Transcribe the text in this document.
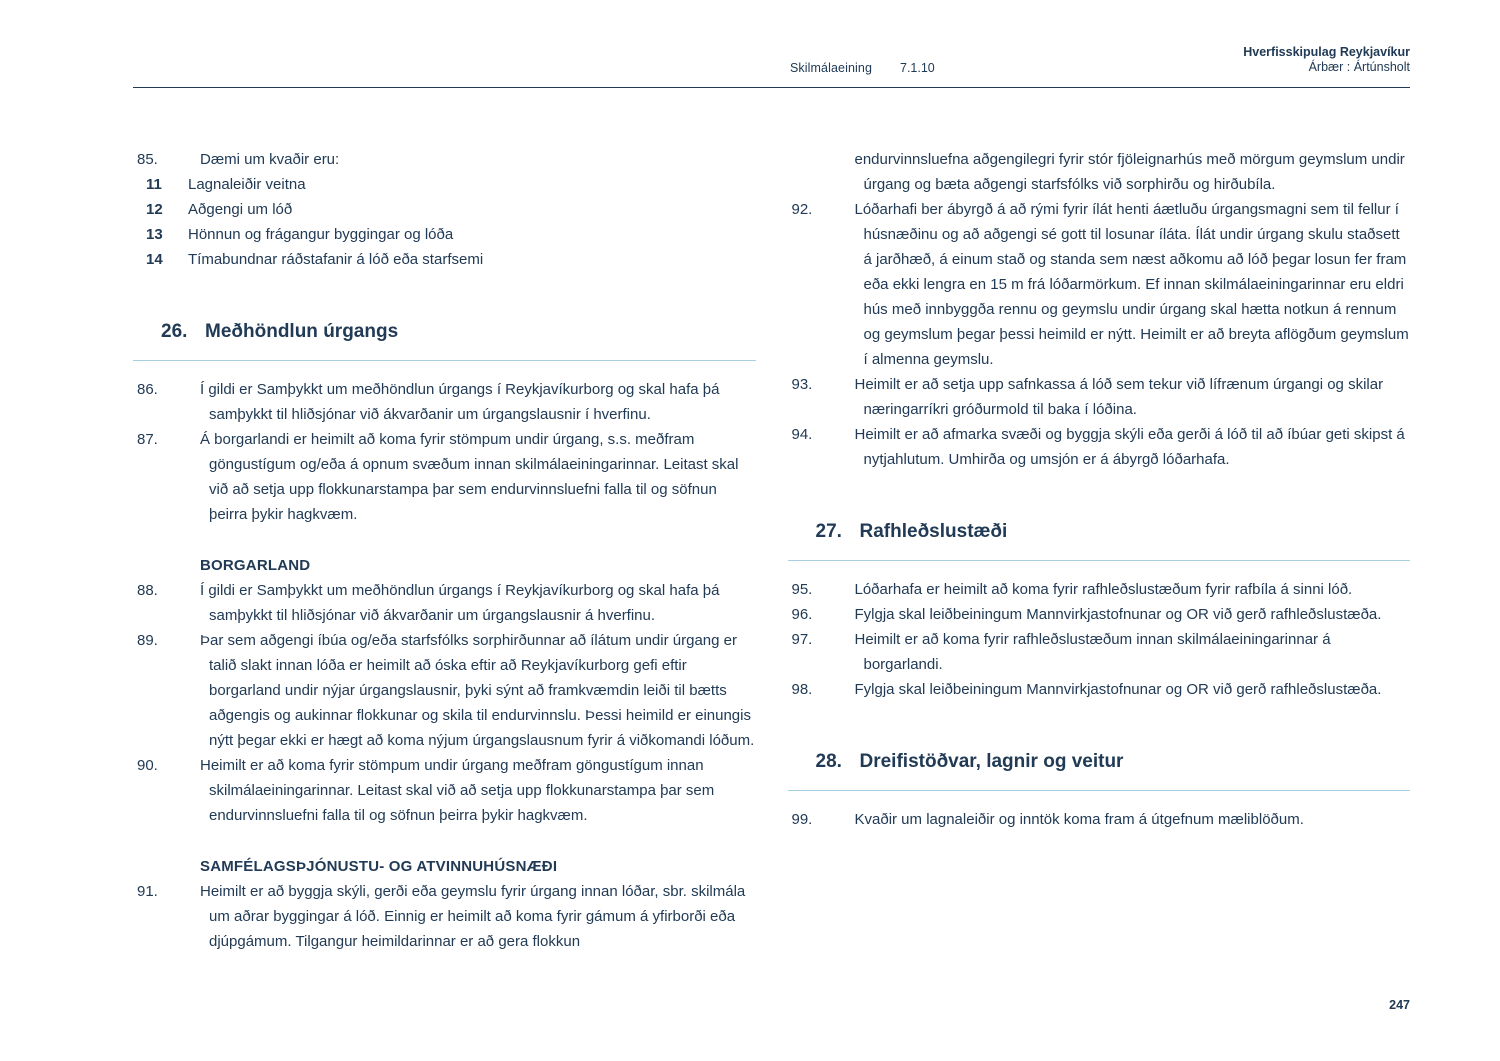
Skilmálaeining 7.1.10
Hverfisskipulag Reykjavíkur
Árbær : Ártúnsholt
85.	Dæmi um kvaðir eru:
11	Lagnaleiðir veitna
12	Aðgengi um lóð
13	Hönnun og frágangur byggingar og lóða
14	Tímabundnar ráðstafanir á lóð eða starfsemi
26. Meðhöndlun úrgangs
86.	Í gildi er Samþykkt um meðhöndlun úrgangs í Reykjavíkurborg og skal hafa þá samþykkt til hliðsjónar við ákvarðanir um úrgangslausnir í hverfinu.
87.	Á borgarlandi er heimilt að koma fyrir stömpum undir úrgang, s.s. meðfram göngustígum og/eða á opnum svæðum innan skilmálaeiningarinnar. Leitast skal við að setja upp flokkunarstampa þar sem endurvinnsluefni falla til og söfnun þeirra þykir hagkvæm.
BORGARLAND
88.	Í gildi er Samþykkt um meðhöndlun úrgangs í Reykjavíkurborg og skal hafa þá samþykkt til hliðsjónar við ákvarðanir um úrgangslausnir á hverfinu.
89.	Þar sem aðgengi íbúa og/eða starfsfólks sorphirðunnar að ílátum undir úrgang er talið slakt innan lóða er heimilt að óska eftir að Reykjavíkurborg gefi eftir borgarland undir nýjar úrgangslausnir, þyki sýnt að framkvæmdin leiði til bætts aðgengis og aukinnar flokkunar og skila til endurvinnslu. Þessi heimild er einungis nýtt þegar ekki er hægt að koma nýjum úrgangslausnum fyrir á viðkomandi lóðum.
90.	Heimilt er að koma fyrir stömpum undir úrgang meðfram göngustígum innan skilmálaeiningarinnar. Leitast skal við að setja upp flokkunarstampa þar sem endurvinnsluefni falla til og söfnun þeirra þykir hagkvæm.
SAMFÉLAGSÞJÓNUSTU- OG ATVINNUHÚSNÆÐI
91.	Heimilt er að byggja skýli, gerði eða geymslu fyrir úrgang innan lóðar, sbr. skilmála um aðrar byggingar á lóð. Einnig er heimilt að koma fyrir gámum á yfirborði eða djúpgámum. Tilgangur heimildarinnar er að gera flokkun
endurvinnsluefna aðgengilegri fyrir stór fjöleignarhús með mörgum geymslum undir úrgang og bæta aðgengi starfsfólks við sorphirðu og hirðubíla.
92.	Lóðarhafi ber ábyrgð á að rými fyrir ílát henti áætluðu úrgangsmagni sem til fellur í húsnæðinu og að aðgengi sé gott til losunar íláta. Ílát undir úrgang skulu staðsett á jarðhæð, á einum stað og standa sem næst aðkomu að lóð þegar losun fer fram eða ekki lengra en 15 m frá lóðarmörkum. Ef innan skilmálaeiningarinnar eru eldri hús með innbyggða rennu og geymslu undir úrgang skal hætta notkun á rennum og geymslum þegar þessi heimild er nýtt. Heimilt er að breyta aflögðum geymslum í almenna geymslu.
93.	Heimilt er að setja upp safnkassa á lóð sem tekur við lífrænum úrgangi og skilar næringarríkri gróðurmold til baka í lóðina.
94.	Heimilt er að afmarka svæði og byggja skýli eða gerði á lóð til að íbúar geti skipst á nytjahlutum. Umhirða og umsjón er á ábyrgð lóðarhafa.
27. Rafhleðslustæði
95.	Lóðarhafa er heimilt að koma fyrir rafhleðslustæðum fyrir rafbíla á sinni lóð.
96.	Fylgja skal leiðbeiningum Mannvirkjastofnunar og OR við gerð rafhleðslustæða.
97.	Heimilt er að koma fyrir rafhleðslustæðum innan skilmálaeiningarinnar á borgarlandi.
98.	Fylgja skal leiðbeiningum Mannvirkjastofnunar og OR við gerð rafhleðslustæða.
28. Dreifistöðvar, lagnir og veitur
99.	Kvaðir um lagnaleiðir og inntök koma fram á útgefnum mæliblöðum.
247
